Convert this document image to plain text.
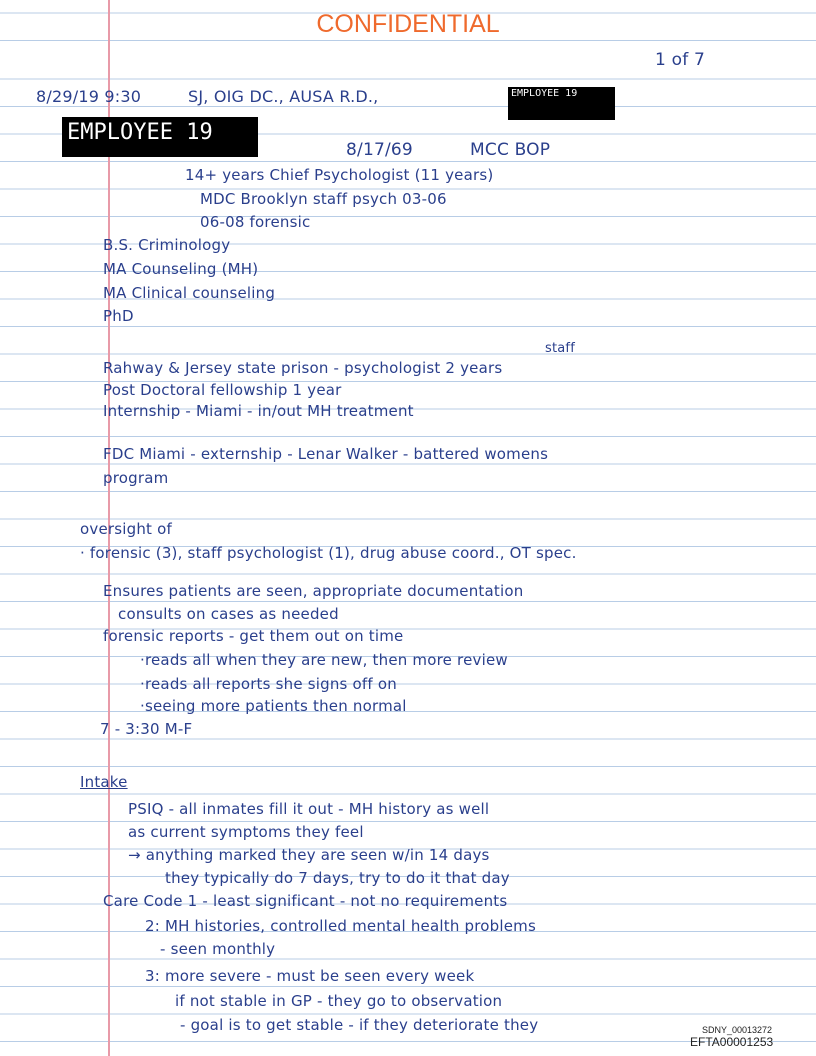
CONFIDENTIAL
1 of 7
8/29/19 9:30	SJ, OIG DC., AUSA R.D.,	EMPLOYEE 19
EMPLOYEE 19
8/17/69	MCC BOP
14+ years Chief Psychologist (11 years)
MDC Brooklyn staff psych 03-06
06-08 forensic
B.S. Criminology
MA Counseling (MH)
MA Clinical counseling
PhD
staff
Rahway & Jersey state prison - psychologist 2 years
Post Doctoral fellowship 1 year
Internship - Miami - in/out MH treatment
FDC Miami - externship - Lenar Walker - battered womens
program
oversight of
· forensic (3), staff psychologist (1), drug abuse coord., OT spec.
Ensures patients are seen, appropriate documentation
consults on cases as needed
forensic reports - get them out on time
·reads all when they are new, then more review
·reads all reports she signs off on
·seeing more patients then normal
7 - 3:30 M-F
Intake
PSIQ - all inmates fill it out - MH history as well
as current symptoms they feel
→ anything marked they are seen w/in 14 days
they typically do 7 days, try to do it that day
Care Code 1 - least significant - not no requirements
2: MH histories, controlled mental health problems
- seen monthly
3: more severe - must be seen every week
if not stable in GP - they go to observation
- goal is to get stable - if they deteriorate they	SDNY_00013272
EFTA00001253
